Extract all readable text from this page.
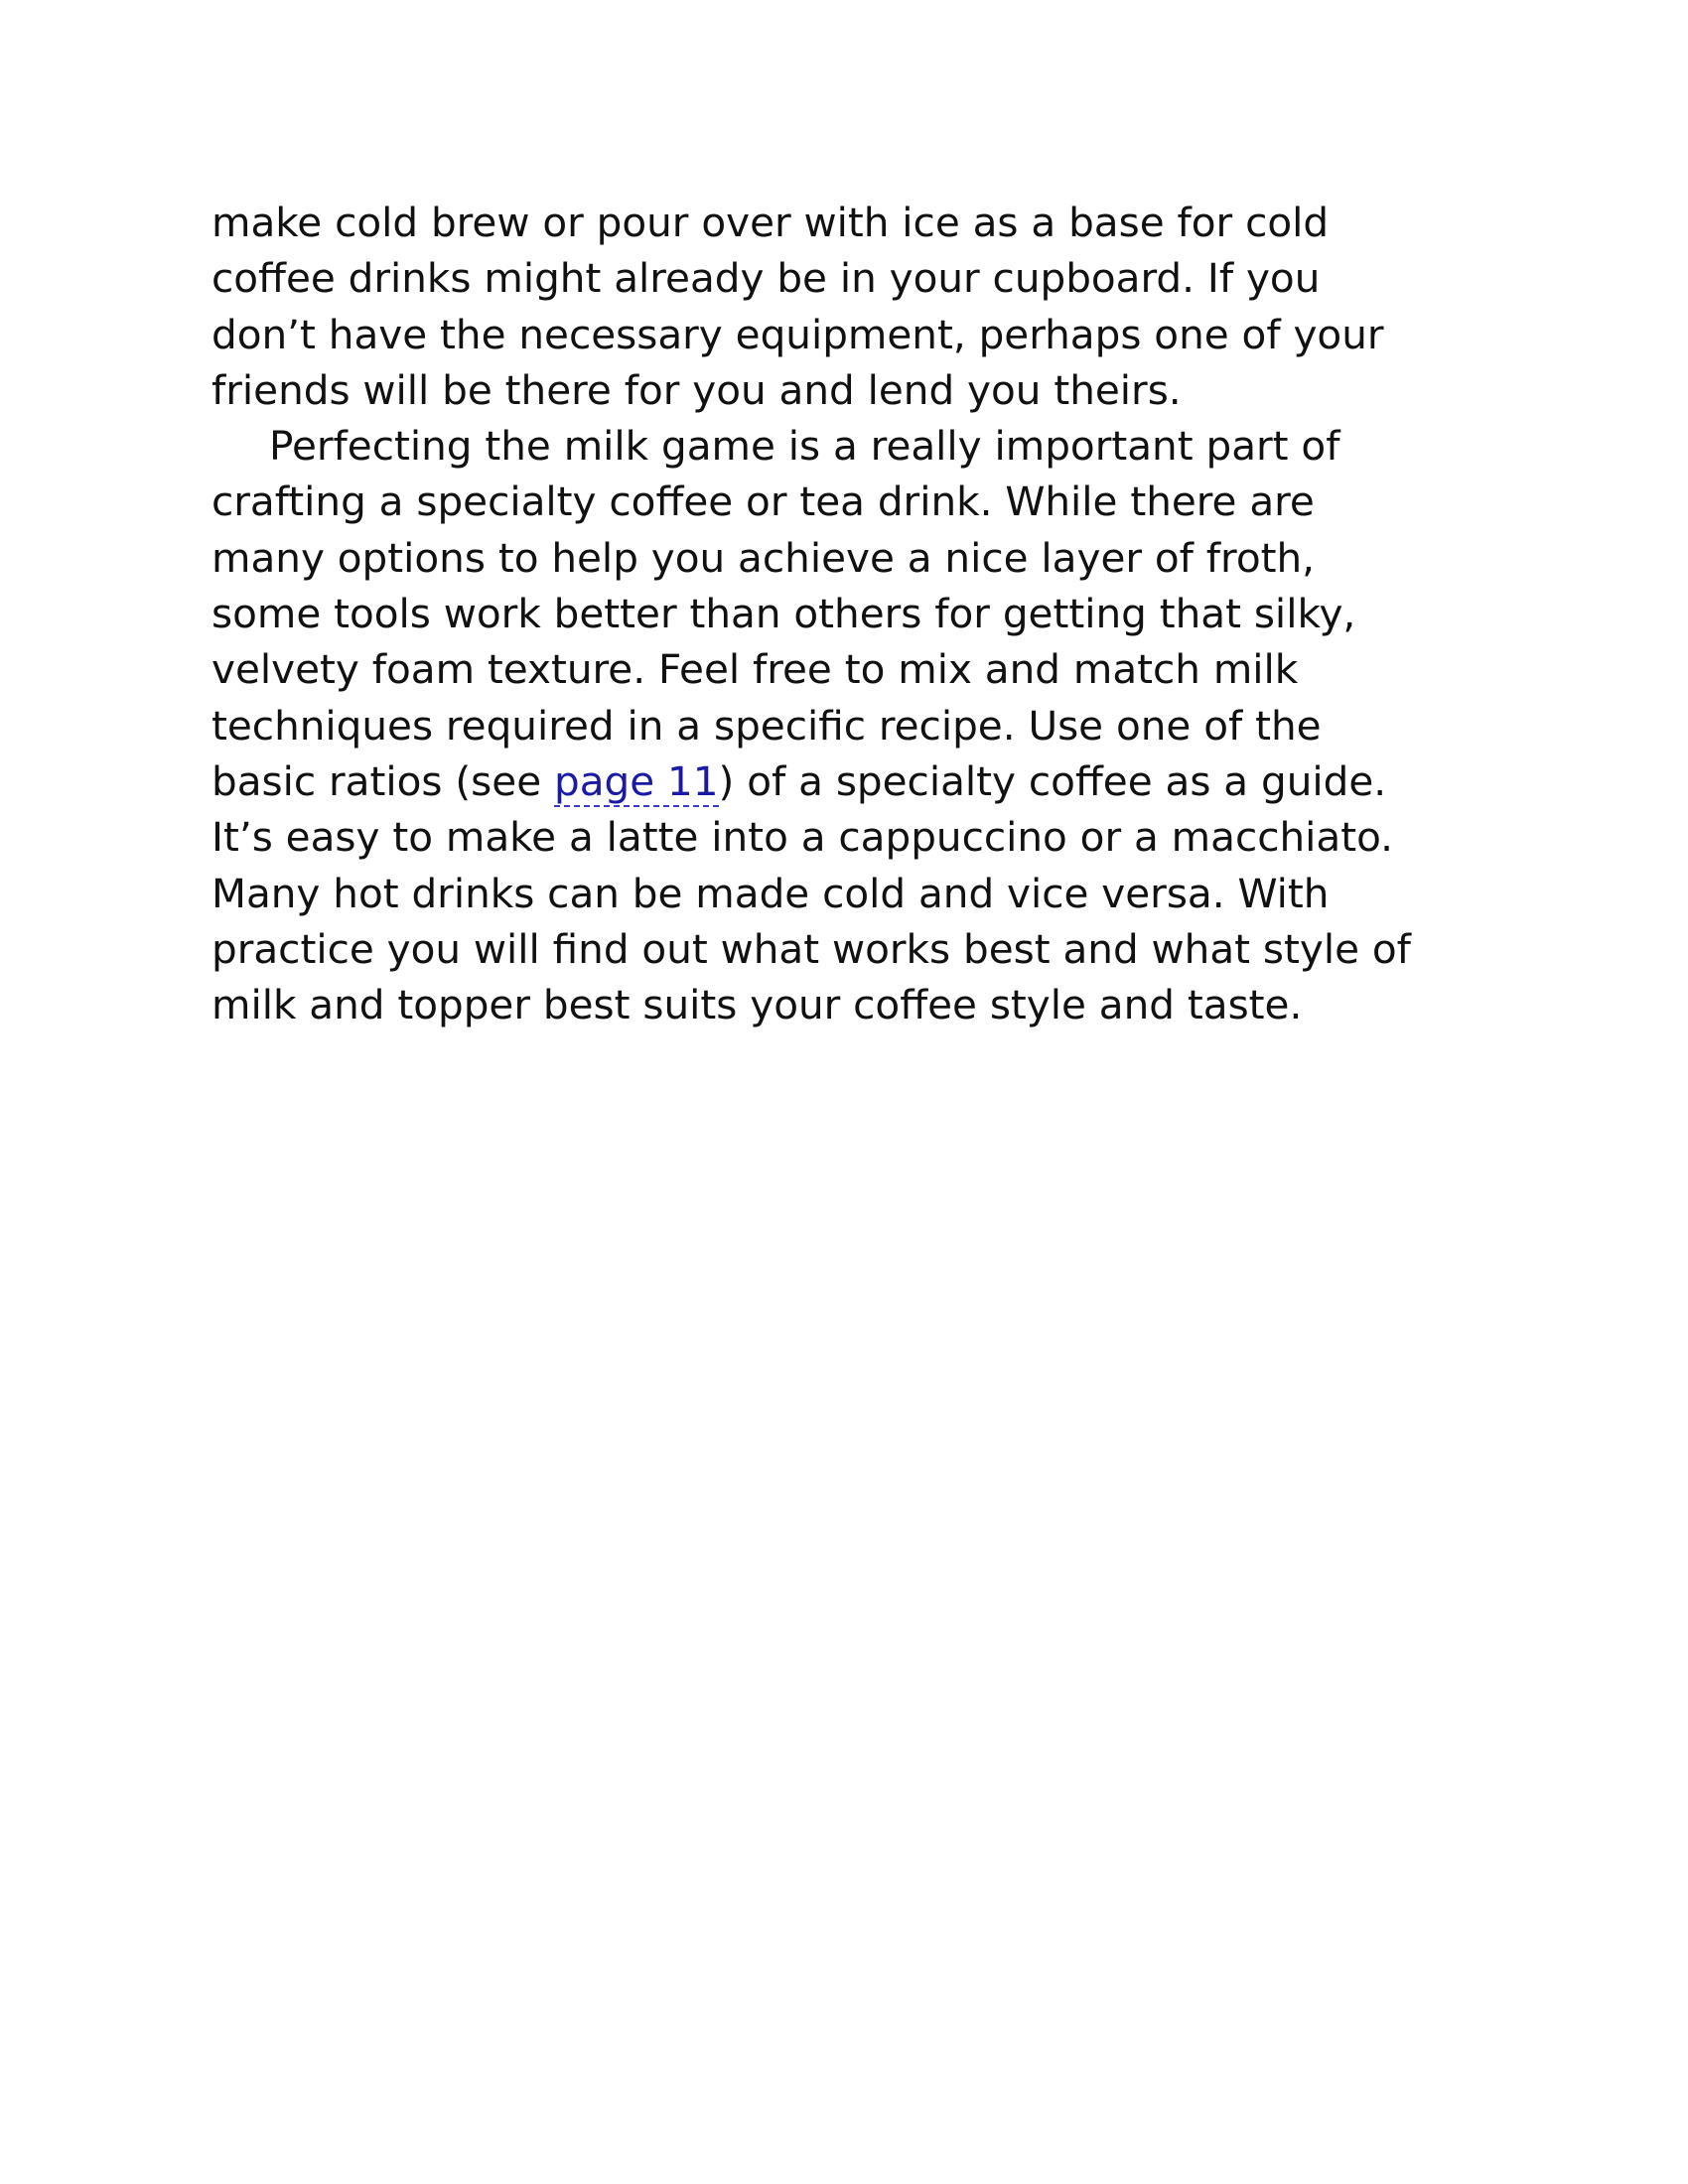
make cold brew or pour over with ice as a base for cold
coffee drinks might already be in your cupboard. If you
don’t have the necessary equipment, perhaps one of your
friends will be there for you and lend you theirs.
Perfecting the milk game is a really important part of
crafting a specialty coffee or tea drink. While there are
many options to help you achieve a nice layer of froth,
some tools work better than others for getting that silky,
velvety foam texture. Feel free to mix and match milk
techniques required in a specific recipe. Use one of the
basic ratios (see page 11) of a specialty coffee as a guide.
It’s easy to make a latte into a cappuccino or a macchiato.
Many hot drinks can be made cold and vice versa. With
practice you will find out what works best and what style of
milk and topper best suits your coffee style and taste.
